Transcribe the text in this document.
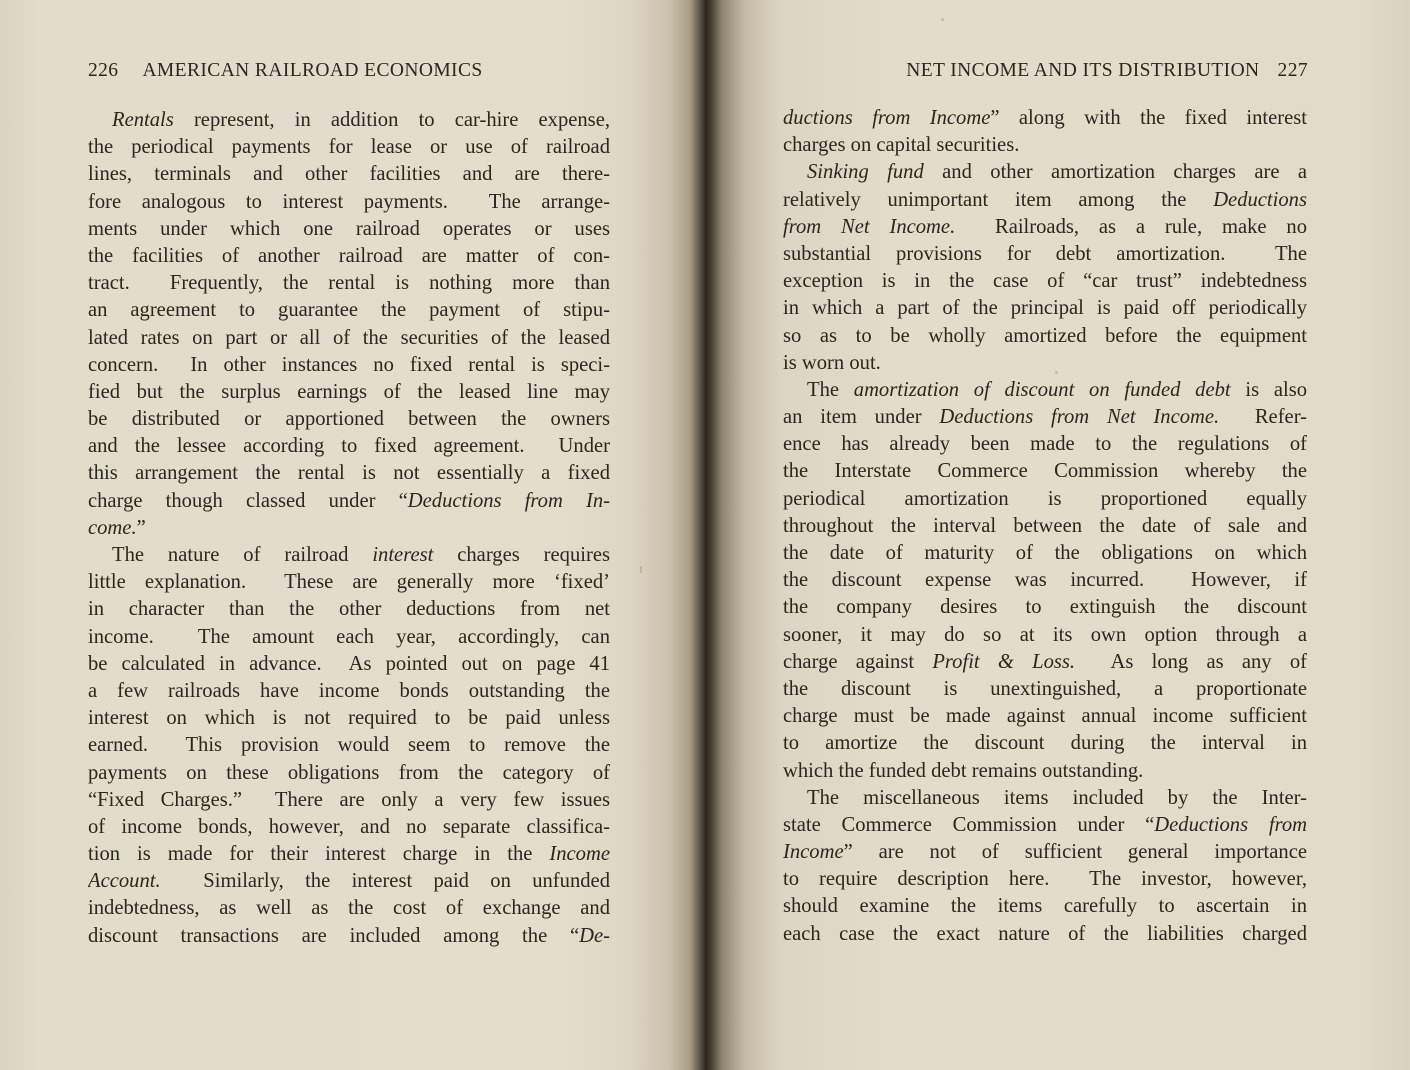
226 AMERICAN RAILROAD ECONOMICS
Rentals represent, in addition to car-hire expense,
the periodical payments for lease or use of railroad
lines, terminals and other facilities and are there-
fore analogous to interest payments.  The arrange-
ments under which one railroad operates or uses
the facilities of another railroad are matter of con-
tract.  Frequently, the rental is nothing more than
an agreement to guarantee the payment of stipu-
lated rates on part or all of the securities of the leased
concern.  In other instances no fixed rental is speci-
fied but the surplus earnings of the leased line may
be distributed or apportioned between the owners
and the lessee according to fixed agreement.  Under
this arrangement the rental is not essentially a fixed
charge though classed under “Deductions from In-
come.”
The nature of railroad interest charges requires
little explanation.  These are generally more ‘fixed’
in character than the other deductions from net
income.  The amount each year, accordingly, can
be calculated in advance.  As pointed out on page 41
a few railroads have income bonds outstanding the
interest on which is not required to be paid unless
earned.  This provision would seem to remove the
payments on these obligations from the category of
“Fixed Charges.”  There are only a very few issues
of income bonds, however, and no separate classifica-
tion is made for their interest charge in the Income
Account.  Similarly, the interest paid on unfunded
indebtedness, as well as the cost of exchange and
discount transactions are included among the “De-
NET INCOME AND ITS DISTRIBUTION 227
ductions from Income” along with the fixed interest
charges on capital securities.
Sinking fund and other amortization charges are a
relatively unimportant item among the Deductions
from Net Income.  Railroads, as a rule, make no
substantial provisions for debt amortization.  The
exception is in the case of “car trust” indebtedness
in which a part of the principal is paid off periodically
so as to be wholly amortized before the equipment
is worn out.
The amortization of discount on funded debt is also
an item under Deductions from Net Income.  Refer-
ence has already been made to the regulations of
the Interstate Commerce Commission whereby the
periodical amortization is proportioned equally
throughout the interval between the date of sale and
the date of maturity of the obligations on which
the discount expense was incurred.  However, if
the company desires to extinguish the discount
sooner, it may do so at its own option through a
charge against Profit & Loss.  As long as any of
the discount is unextinguished, a proportionate
charge must be made against annual income sufficient
to amortize the discount during the interval in
which the funded debt remains outstanding.
The miscellaneous items included by the Inter-
state Commerce Commission under “Deductions from
Income” are not of sufficient general importance
to require description here.  The investor, however,
should examine the items carefully to ascertain in
each case the exact nature of the liabilities charged
